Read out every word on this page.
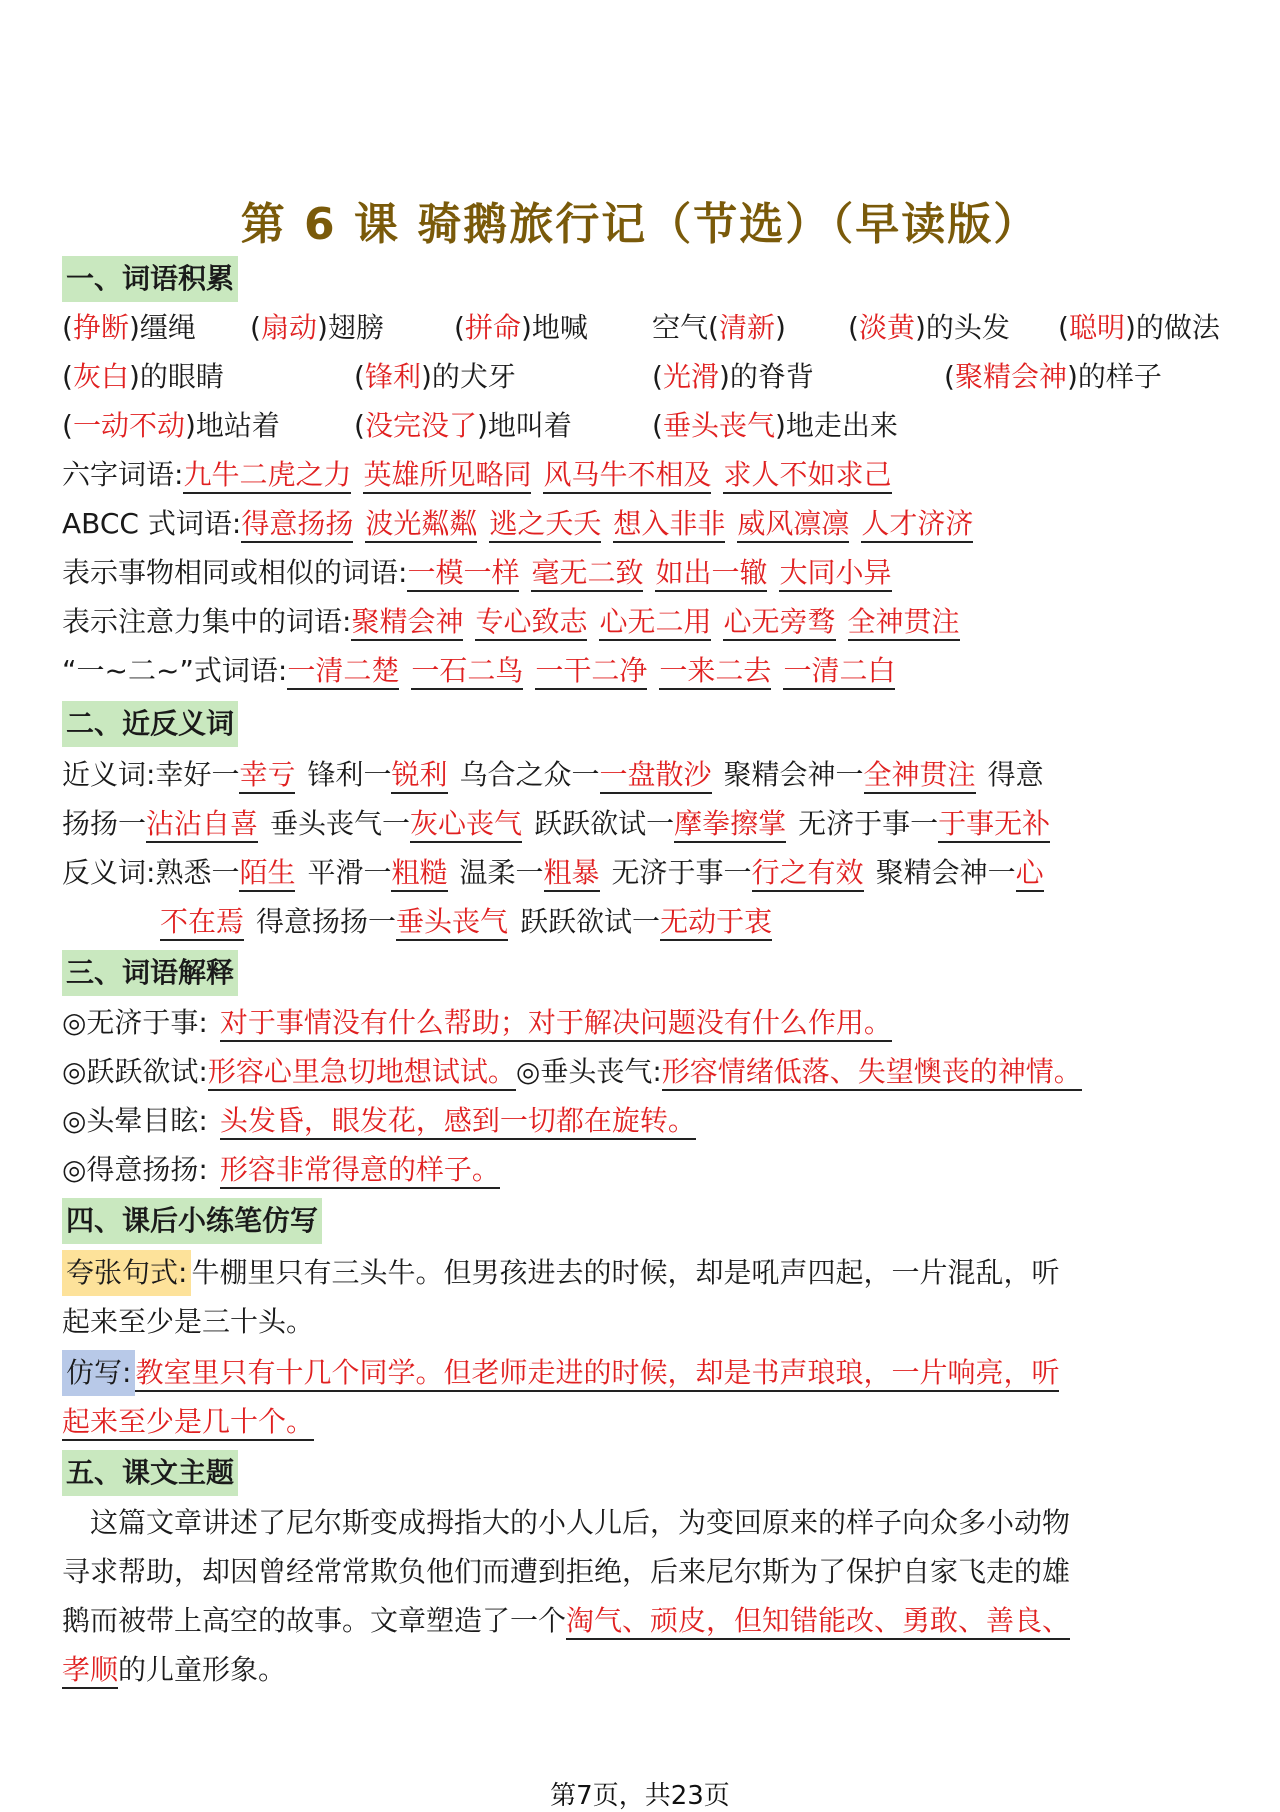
第 6 课 骑鹅旅行记（节选）（早读版）
一、词语积累
(挣断)缰绳 (扇动)翅膀	(拼命)地喊 空气(清新) (淡黄)的头发 (聪明)的做法
(灰白)的眼睛	(锋利)的犬牙	(光滑)的脊背	(聚精会神)的样子
(一动不动)地站着	(没完没了)地叫着	(垂头丧气)地走出来
六字词语:九牛二虎之力 英雄所见略同 风马牛不相及 求人不如求己
ABCC 式词语:得意扬扬 波光粼粼 逃之夭夭 想入非非 威风凛凛 人才济济
表示事物相同或相似的词语:一模一样 毫无二致 如出一辙 大同小异
表示注意力集中的词语:聚精会神 专心致志 心无二用 心无旁骛 全神贯注
“一~二~”式词语:一清二楚 一石二鸟 一干二净 一来二去 一清二白
二、近反义词
近义词:幸好一幸亏 锋利一锐利 乌合之众一一盘散沙 聚精会神一全神贯注 得意
扬扬一沾沾自喜 垂头丧气一灰心丧气 跃跃欲试一摩拳擦掌 无济于事一于事无补
反义词:熟悉一陌生 平滑一粗糙 温柔一粗暴 无济于事一行之有效 聚精会神一心
不在焉 得意扬扬一垂头丧气 跃跃欲试一无动于衷
三、词语解释
◎无济于事: 对于事情没有什么帮助；对于解决问题没有什么作用。
◎跃跃欲试:形容心里急切地想试试。◎垂头丧气:形容情绪低落、失望懊丧的神情。
◎头晕目眩: 头发昏，眼发花，感到一切都在旋转。
◎得意扬扬: 形容非常得意的样子。
四、课后小练笔仿写
夸张句式: 牛棚里只有三头牛。但男孩进去的时候，却是吼声四起，一片混乱，听
起来至少是三十头。
仿写: 教室里只有十几个同学。但老师走进的时候，却是书声琅琅，一片响亮，听
起来至少是几十个。
五、课文主题
这篇文章讲述了尼尔斯变成拇指大的小人儿后，为变回原来的样子向众多小动物
寻求帮助，却因曾经常常欺负他们而遭到拒绝，后来尼尔斯为了保护自家飞走的雄
鹅而被带上高空的故事。文章塑造了一个淘气、顽皮，但知错能改、勇敢、善良、
孝顺的儿童形象。
第7页，共23页
